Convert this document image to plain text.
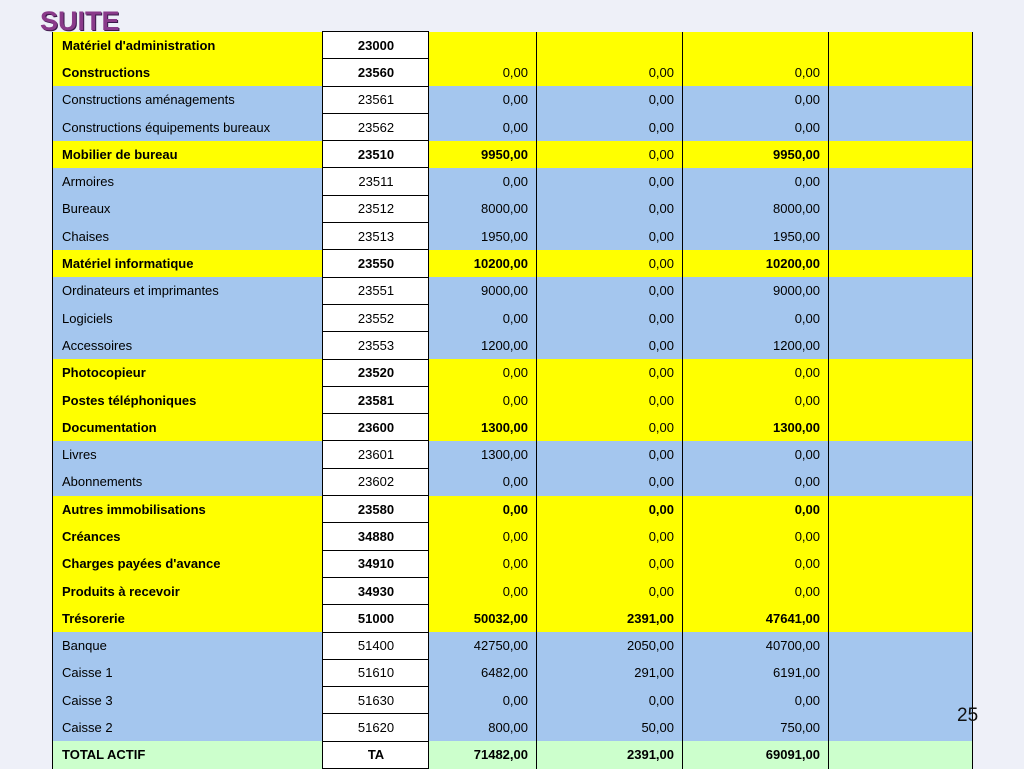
SUITE
Matériel d'administration	23000				
Constructions	23560	0,00	0,00	0,00	
Constructions aménagements	23561	0,00	0,00	0,00	
Constructions équipements bureaux	23562	0,00	0,00	0,00	
Mobilier de bureau	23510	9950,00	0,00	9950,00	
Armoires	23511	0,00	0,00	0,00	
Bureaux	23512	8000,00	0,00	8000,00	
Chaises	23513	1950,00	0,00	1950,00	
Matériel informatique	23550	10200,00	0,00	10200,00	
Ordinateurs et imprimantes	23551	9000,00	0,00	9000,00	
Logiciels	23552	0,00	0,00	0,00	
Accessoires	23553	1200,00	0,00	1200,00	
Photocopieur	23520	0,00	0,00	0,00	
Postes téléphoniques	23581	0,00	0,00	0,00	
Documentation	23600	1300,00	0,00	1300,00	
Livres	23601	1300,00	0,00	0,00	
Abonnements	23602	0,00	0,00	0,00	
Autres immobilisations	23580	0,00	0,00	0,00	
Créances	34880	0,00	0,00	0,00	
Charges payées d'avance	34910	0,00	0,00	0,00	
Produits à recevoir	34930	0,00	0,00	0,00	
Trésorerie	51000	50032,00	2391,00	47641,00	
Banque	51400	42750,00	2050,00	40700,00	
Caisse 1	51610	6482,00	291,00	6191,00	
Caisse 3	51630	0,00	0,00	0,00	
Caisse 2	51620	800,00	50,00	750,00	
TOTAL ACTIF	TA	71482,00	2391,00	69091,00	
25
